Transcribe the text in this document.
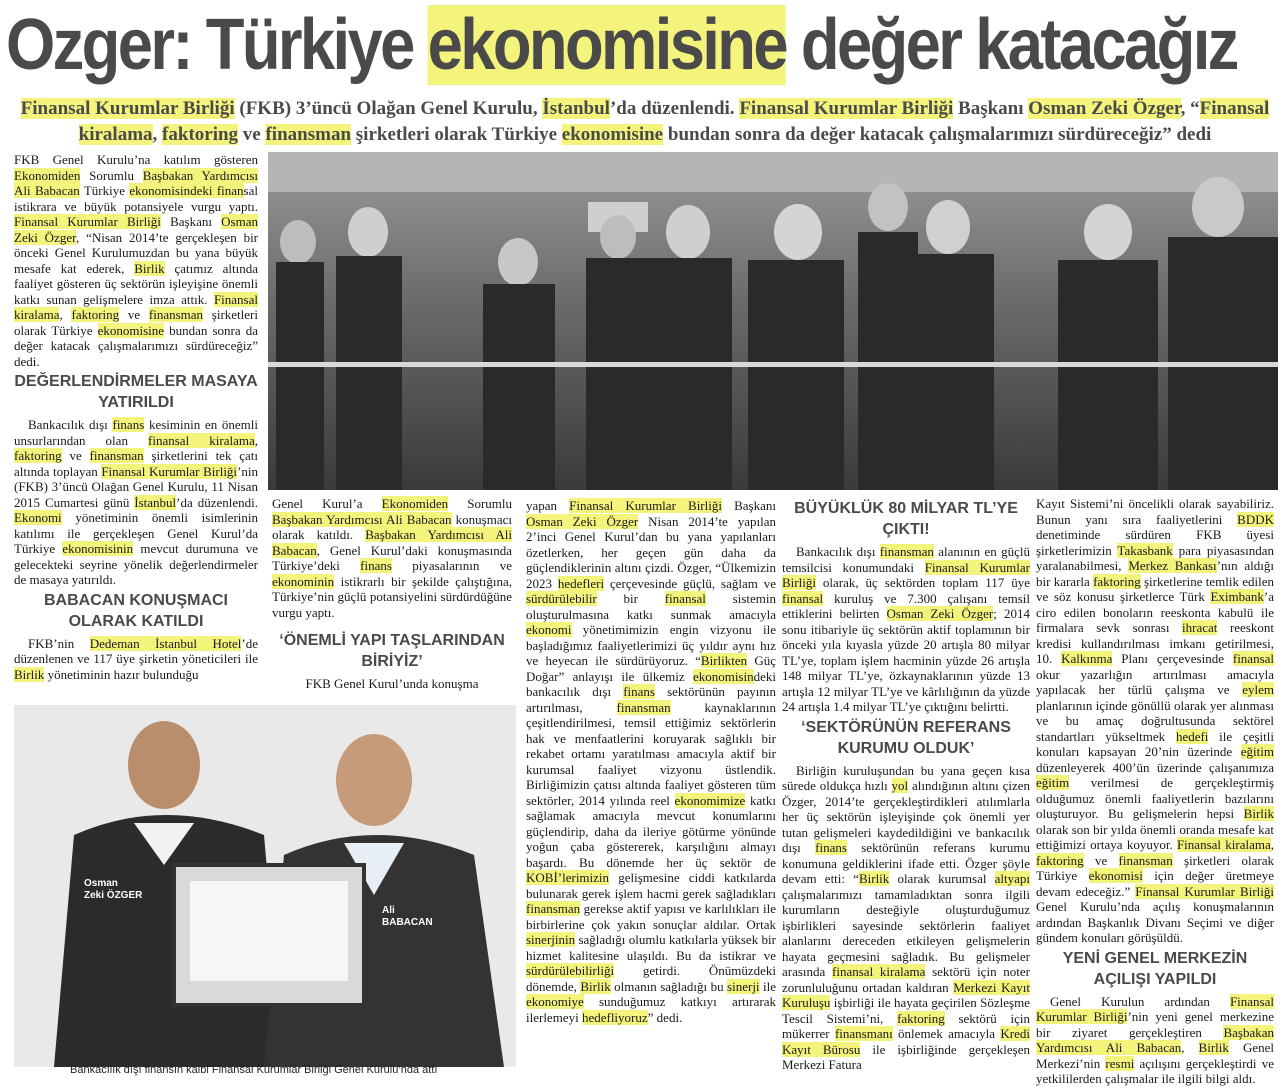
Ozger: Türkiye ekonomisine değer katacağız
Finansal Kurumlar Birliği (FKB) 3’üncü Olağan Genel Kurulu, İstanbul’da düzenlendi. Finansal Kurumlar Birliği Başkanı Osman Zeki Özger, “Finansal kiralama, faktoring ve finansman şirketleri olarak Türkiye ekonomisine bundan sonra da değer katacak çalışmalarımızı sürdüreceğiz” dedi

FKB Genel Kurulu’na katılım gösteren Ekonomiden Sorumlu Başbakan Yardımcısı Ali Babacan Türkiye ekonomisindeki finansal istikrara ve büyük potansiyele vurgu yaptı. Finansal Kurumlar Birliği Başkanı Osman Zeki Özger, “Nisan 2014’te gerçekleşen bir önceki Genel Kurulumuzdan bu yana büyük mesafe kat ederek, Birlik çatımız altında faaliyet gösteren üç sektörün işleyişine önemli katkı sunan gelişmelere imza attık. Finansal kiralama, faktoring ve finansman şirketleri olarak Türkiye ekonomisine bundan sonra da değer katacak çalışmalarımızı sürdüreceğiz” dedi.

DEĞERLENDİRMELER MASAYA YATIRILDI

Bankacılık dışı finans kesiminin en önemli unsurlarından olan finansal kiralama, faktoring ve finansman şirketlerini tek çatı altında toplayan Finansal Kurumlar Birliği’nin (FKB) 3’üncü Olağan Genel Kurulu, 11 Nisan 2015 Cumartesi günü İstanbul’da düzenlendi. Ekonomi yönetiminin önemli isimlerinin katılımı ile gerçekleşen Genel Kurul’da Türkiye ekonomisinin mevcut durumuna ve gelecekteki seyrine yönelik değerlendirmeler de masaya yatırıldı.

BABACAN KONUŞMACI OLARAK KATILDI

FKB’nin Dedeman İstanbul Hotel’de düzenlenen ve 117 üye şirketin yöneticileri ile Birlik yönetiminin hazır bulunduğu

Genel Kurul’a Ekonomiden Sorumlu Başbakan Yardımcısı Ali Babacan konuşmacı olarak katıldı. Başbakan Yardımcısı Ali Babacan, Genel Kurul’daki konuşmasında Türkiye’deki finans piyasalarının ve ekonominin istikrarlı bir şekilde çalıştığına, Türkiye’nin güçlü potansiyelini sürdürdüğüne vurgu yaptı.

‘ÖNEMLİ YAPI TAŞLARINDAN BİRİYİZ’

FKB Genel Kurul’unda konuşma

yapan Finansal Kurumlar Birliği Başkanı Osman Zeki Özger Nisan 2014’te yapılan 2’inci Genel Kurul’dan bu yana yapılanları özetlerken, her geçen gün daha da güçlendiklerinin altını çizdi. Özger, “Ülkemizin 2023 hedefleri çerçevesinde güçlü, sağlam ve sürdürülebilir bir finansal sistemin oluşturulmasına katkı sunmak amacıyla ekonomi yönetimimizin engin vizyonu ile başladığımız faaliyetlerimizi üç yıldır aynı hız ve heyecan ile sürdürüyoruz. “Birlikten Güç Doğar” anlayışı ile ülkemiz ekonomisindeki bankacılık dışı finans sektörünün payının artırılması, finansman kaynaklarının çeşitlendirilmesi, temsil ettiğimiz sektörlerin hak ve menfaatlerini koruyarak sağlıklı bir rekabet ortamı yaratılması amacıyla aktif bir kurumsal faaliyet vizyonu üstlendik. Birliğimizin çatısı altında faaliyet gösteren tüm sektörler, 2014 yılında reel ekonomimize katkı sağlamak amacıyla mevcut konumlarını güçlendirip, daha da ileriye götürme yönünde yoğun çaba göstererek, karşılığını almayı başardı. Bu dönemde her üç sektör de KOBİ’lerimizin gelişmesine ciddi katkılarda bulunarak gerek işlem hacmi gerek sağladıkları finansman gerekse aktif yapısı ve karlılıkları ile birbirlerine çok yakın sonuçlar aldılar. Ortak sinerjinin sağladığı olumlu katkılarla yüksek bir hizmet kalitesine ulaşıldı. Bu da istikrar ve sürdürülebilirliği getirdi. Önümüzdeki dönemde, Birlik olmanın sağladığı bu sinerji ile ekonomiye sunduğumuz katkıyı artırarak ilerlemeyi hedefliyoruz” dedi.

BÜYÜKLÜK 80 MİLYAR TL’YE ÇIKTI!

Bankacılık dışı finansman alanının en güçlü temsilcisi konumundaki Finansal Kurumlar Birliği olarak, üç sektörden toplam 117 üye finansal kuruluş ve 7.300 çalışanı temsil ettiklerini belirten Osman Zeki Özger; 2014 sonu itibariyle üç sektörün aktif toplamının bir önceki yıla kıyasla yüzde 20 artışla 80 milyar TL’ye, toplam işlem hacminin yüzde 26 artışla 148 milyar TL’ye, özkaynaklarının yüzde 13 artışla 12 milyar TL’ye ve kârlılığının da yüzde 24 artışla 1.4 milyar TL’ye çıktığını belirtti.

‘SEKTÖRÜNÜN REFERANS KURUMU OLDUK’

Birliğin kuruluşundan bu yana geçen kısa sürede oldukça hızlı yol alındığının altını çizen Özger, 2014’te gerçekleştirdikleri atılımlarla her üç sektörün işleyişinde çok önemli yer tutan gelişmeleri kaydedildiğini ve bankacılık dışı finans sektörünün referans kurumu konumuna geldiklerini ifade etti. Özger şöyle devam etti: “Birlik olarak kurumsal altyapı çalışmalarımızı tamamladıktan sonra ilgili kurumların desteğiyle oluşturduğumuz işbirlikleri sayesinde sektörlerin faaliyet alanlarını dereceden etkileyen gelişmelerin hayata geçmesini sağladık. Bu gelişmeler arasında finansal kiralama sektörü için noter zorunluluğunu ortadan kaldıran Merkezi Kayıt Kuruluşu işbirliği ile hayata geçirilen Sözleşme Tescil Sistemi’ni, faktoring sektörü için mükerrer finansmanı önlemek amacıyla Kredi Kayıt Bürosu ile işbirliğinde gerçekleşen Merkezi Fatura

Kayıt Sistemi’ni öncelikli olarak sayabiliriz. Bunun yanı sıra faaliyetlerini BDDK denetiminde sürdüren FKB üyesi şirketlerimizin Takasbank para piyasasından yaralanabilmesi, Merkez Bankası’nın aldığı bir kararla faktoring şirketlerine temlik edilen ve söz konusu şirketlerce Türk Eximbank’a ciro edilen bonoların reeskonta kabulü ile firmalara sevk sonrası ihracat reeskont kredisi kullandırılması imkanı getirilmesi, 10. Kalkınma Planı çerçevesinde finansal okur yazarlığın artırılması amacıyla yapılacak her türlü çalışma ve eylem planlarının içinde gönüllü olarak yer alınması ve bu amaç doğrultusunda sektörel standartları yükseltmek hedefi ile çeşitli konuları kapsayan 20’nin üzerinde eğitim düzenleyerek 400’ün üzerinde çalışanımıza eğitim verilmesi de gerçekleştirmiş olduğumuz önemli faaliyetlerin bazılarını oluşturuyor. Bu gelişmelerin hepsi Birlik olarak son bir yılda önemli oranda mesafe kat ettiğimizi ortaya koyuyor. Finansal kiralama, faktoring ve finansman şirketleri olarak Türkiye ekonomisi için değer üretmeye devam edeceğiz.” Finansal Kurumlar Birliği Genel Kurulu’nda açılış konuşmalarının ardından Başkanlık Divanı Seçimi ve diğer gündem konuları görüşüldü.

YENİ GENEL MERKEZİN AÇILIŞI YAPILDI

Genel Kurulun ardından Finansal Kurumlar Birliği’nin yeni genel merkezine bir ziyaret gerçekleştiren Başbakan Yardımcısı Ali Babacan, Birlik Genel Merkezi’nin resmi açılışını gerçekleştirdi ve yetkililerden çalışmalar ile ilgili bilgi aldı.

Osman
Zeki ÖZGER
Ali
BABACAN
Bankacılık dışı finansın kalbi Finansal Kurumlar Birliği Genel Kurulu’nda attı
